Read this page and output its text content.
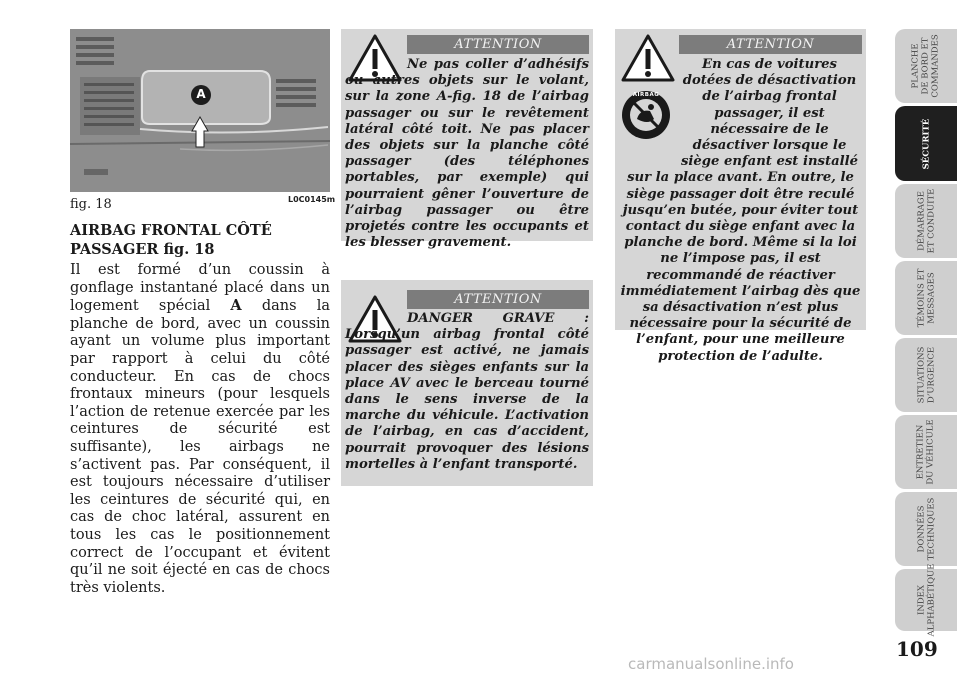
A
fig. 18	L0C0145m
AIRBAG FRONTAL CÔTÉ
PASSAGER fig. 18

Il est formé d’un coussin à gonflage instantané placé dans un logement spécial A dans la planche de bord, avec un coussin ayant un volume plus important par rapport à celui du côté conducteur. En cas de chocs frontaux mineurs (pour lesquels l’action de retenue exercée par les ceintures de sécurité est suffisante), les airbags ne s’activent pas. Par conséquent, il est toujours nécessaire d’utiliser les ceintures de sécurité qui, en cas de choc latéral, assurent en tous les cas le positionnement correct de l’occupant et évitent qu’il ne soit éjecté en cas de chocs très violents.

ATTENTION

Ne pas coller d’adhésifs ou autres objets sur le volant, sur la zone A-fig. 18 de l’airbag passager ou sur le revêtement latéral côté toit. Ne pas placer des objets sur la planche côté passager (des téléphones portables, par exemple) qui pourraient gêner l’ouverture de l’airbag passager ou être projetés contre les occupants et les blesser gravement.

ATTENTION

DANGER GRAVE : Lorsqu’un airbag frontal côté passager est activé, ne jamais placer des sièges enfants sur la place AV avec le berceau tourné dans le sens inverse de la marche du véhicule. L’activation de l’airbag, en cas d’accident, pourrait provoquer des lésions mortelles à l’enfant transporté.

AIRBAG
ATTENTION

En cas de voitures dotées de désactivation de l’airbag frontal passager, il est nécessaire de le désactiver lorsque le siège enfant est installé sur la place avant. En outre, le siège passager doit être reculé jusqu’en butée, pour éviter tout contact du siège enfant avec la planche de bord. Même si la loi ne l’impose pas, il est recommandé de réactiver immédiatement l’airbag dès que sa désactivation n’est plus nécessaire pour la sécurité de l’enfant, pour une meilleure protection de l’adulte.

PLANCHE
DE BORD ET
COMMANDES
SÉCURITÉ
DÉMARRAGE
ET CONDUITE
TÉMOINS ET
MESSAGES
SITUATIONS
D’URGENCE
ENTRETIEN
DU VÉHICULE
DONNÉES
TECHNIQUES
INDEX
ALPHABÉTIQUE
109
carmanualsonline.info
